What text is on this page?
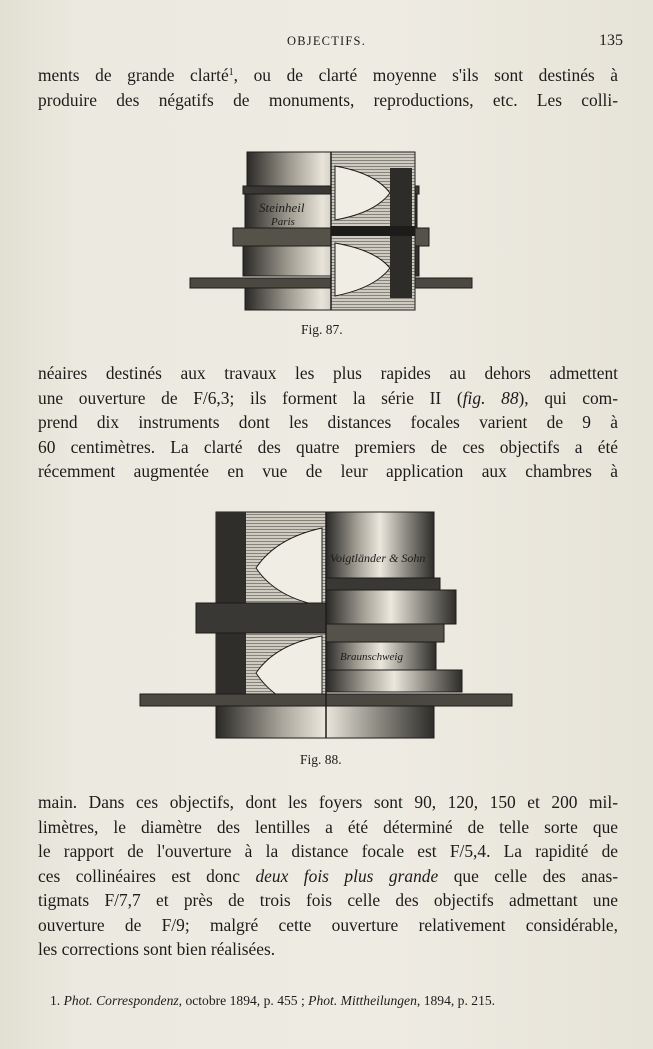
OBJECTIFS.	135
ments de grande clarté$^1$, ou de clarté moyenne s'ils sont destinés à
produire des négatifs de monuments, reproductions, etc. Les colli-
Steinheil
Paris
Fig. 87.
néaires destinés aux travaux les plus rapides au dehors admettent
une ouverture de F/6,3; ils forment la série II (fig. 88), qui com-
prend dix instruments dont les distances focales varient de 9 à
60 centimètres. La clarté des quatre premiers de ces objectifs a été
récemment augmentée en vue de leur application aux chambres à
Voigtländer & Sohn
Braunschweig
Fig. 88.
main. Dans ces objectifs, dont les foyers sont 90, 120, 150 et 200 mil-
limètres, le diamètre des lentilles a été déterminé de telle sorte que
le rapport de l'ouverture à la distance focale est F/5,4. La rapidité de
ces collinéaires est donc deux fois plus grande que celle des anas-
tigmats F/7,7 et près de trois fois celle des objectifs admettant une
ouverture de F/9; malgré cette ouverture relativement considérable,
les corrections sont bien réalisées.
1. Phot. Correspondenz, octobre 1894, p. 455 ; Phot. Mittheilungen, 1894, p. 215.
